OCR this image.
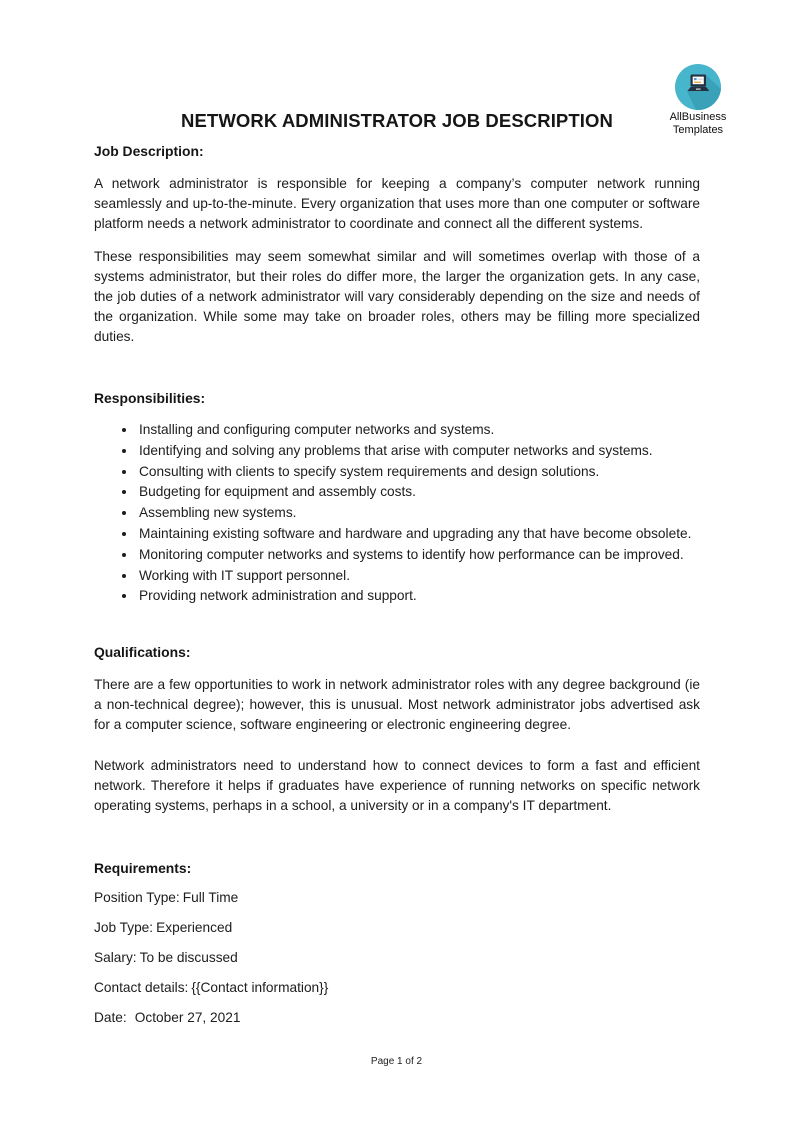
AllBusiness
Templates
NETWORK ADMINISTRATOR JOB DESCRIPTION
Job Description:

A network administrator is responsible for keeping a company’s computer network running seamlessly and up-to-the-minute. Every organization that uses more than one computer or software platform needs a network administrator to coordinate and connect all the different systems.

These responsibilities may seem somewhat similar and will sometimes overlap with those of a systems administrator, but their roles do differ more, the larger the organization gets. In any case, the job duties of a network administrator will vary considerably depending on the size and needs of the organization. While some may take on broader roles, others may be filling more specialized duties.

Responsibilities:
• Installing and configuring computer networks and systems.
• Identifying and solving any problems that arise with computer networks and systems.
• Consulting with clients to specify system requirements and design solutions.
• Budgeting for equipment and assembly costs.
• Assembling new systems.
• Maintaining existing software and hardware and upgrading any that have become obsolete.
• Monitoring computer networks and systems to identify how performance can be improved.
• Working with IT support personnel.
• Providing network administration and support.
Qualifications:

There are a few opportunities to work in network administrator roles with any degree background (ie a non-technical degree); however, this is unusual. Most network administrator jobs advertised ask for a computer science, software engineering or electronic engineering degree.

Network administrators need to understand how to connect devices to form a fast and efficient network. Therefore it helps if graduates have experience of running networks on specific network operating systems, perhaps in a school, a university or in a company's IT department.

Requirements:

Position Type: Full Time

Job Type: Experienced

Salary: To be discussed

Contact details: {{Contact information}}

Date: October 27, 2021

Page 1 of 2
